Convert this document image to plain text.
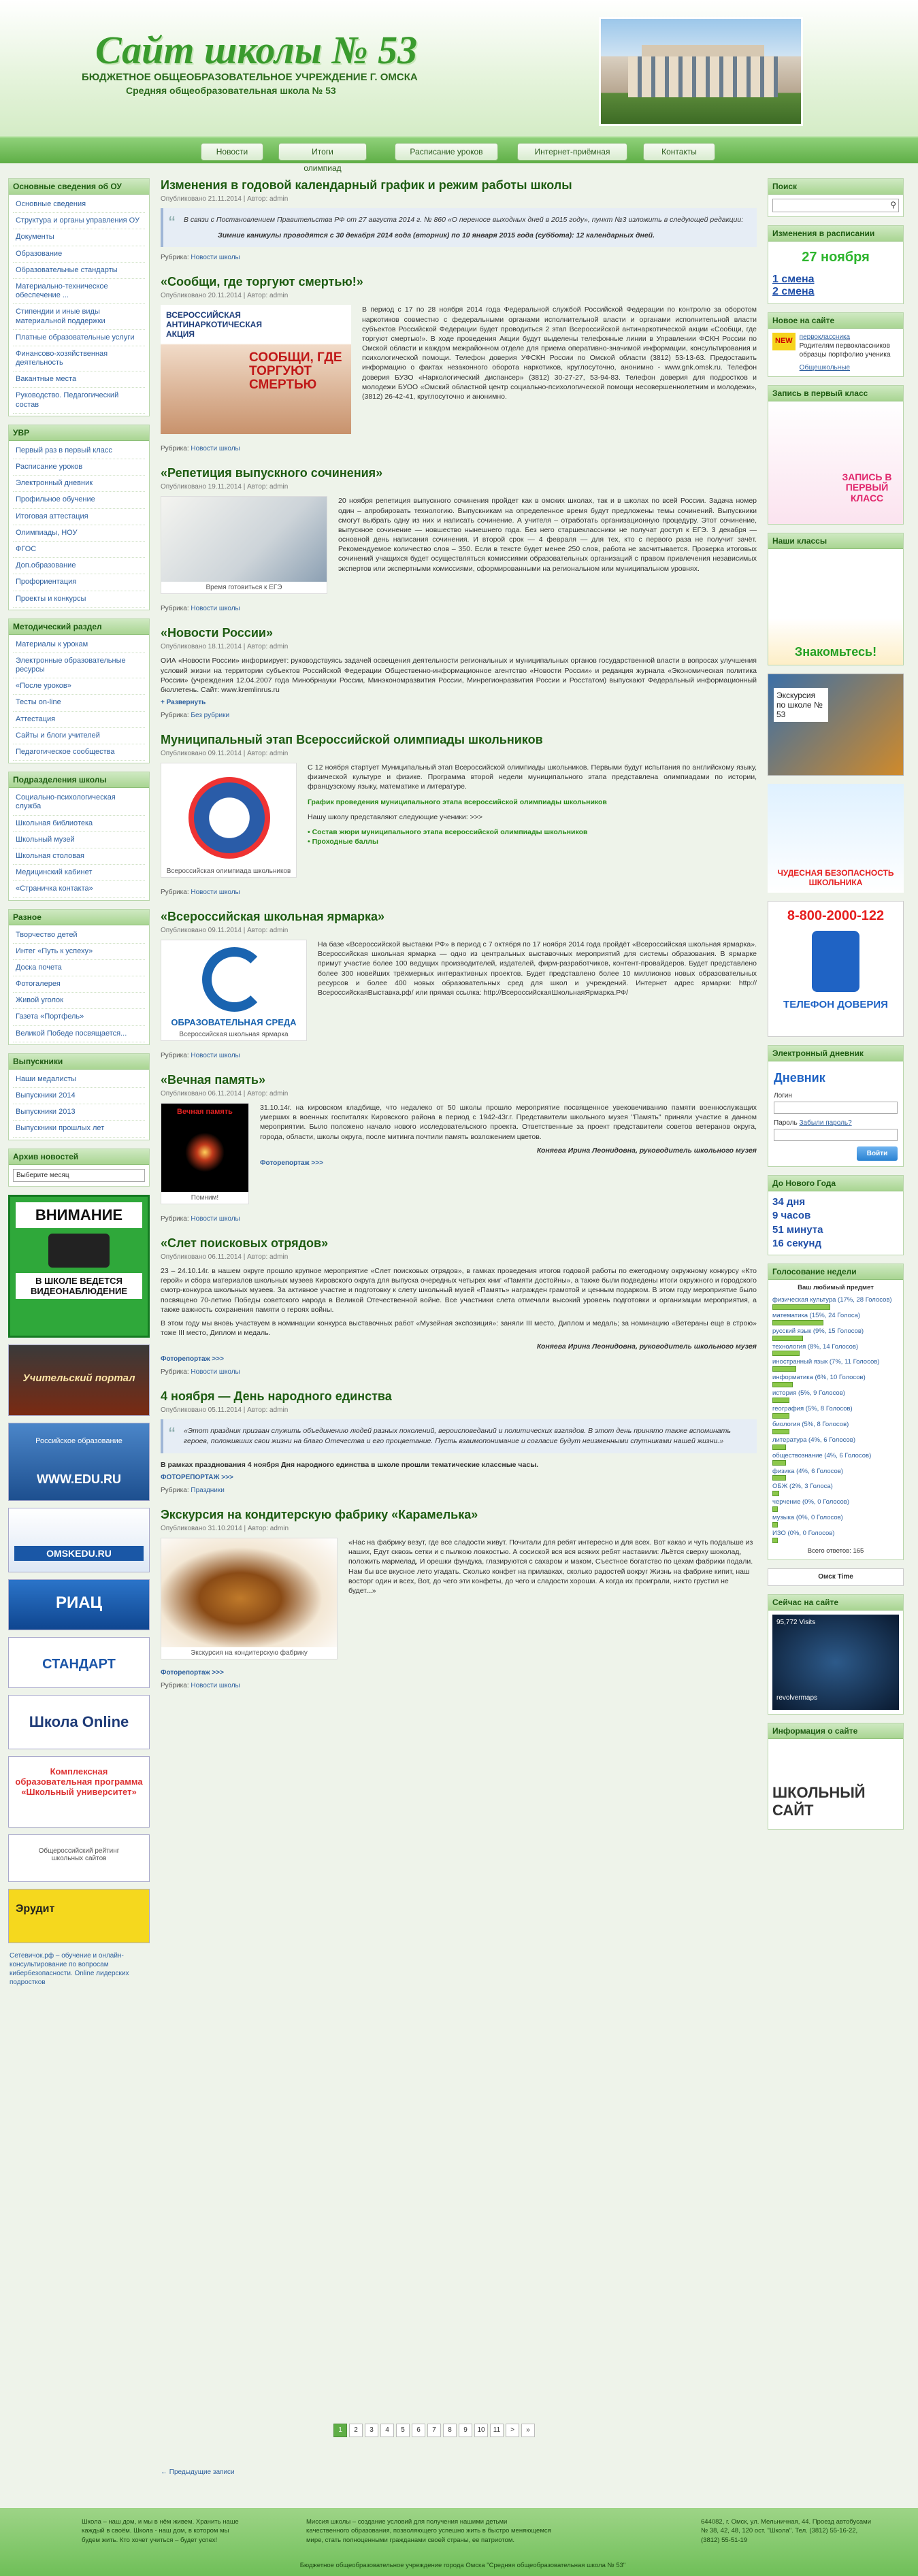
Сайт школы № 53
БЮДЖЕТНОЕ ОБЩЕОБРАЗОВАТЕЛЬНОЕ УЧРЕЖДЕНИЕ Г. ОМСКА
Средняя общеобразовательная школа № 53
Новости	Итоги олимпиад
Расписание уроков	Интернет-приёмная	Контакты
Основные сведения об ОУ
Основные сведения
Структура и органы управления ОУ
Документы
Образование
Образовательные стандарты
Материально-техническое обеспечение ...
Стипендии и иные виды материальной поддержки
Платные образовательные услуги
Финансово-хозяйственная деятельность
Вакантные места
Руководство. Педагогический состав
УВР
Первый раз в первый класс
Расписание уроков
Электронный дневник
Профильное обучение
Итоговая аттестация
Олимпиады, НОУ
ФГОС
Доп.образование
Профориентация
Проекты и конкурсы
Методический раздел
Материалы к урокам
Электронные образовательные ресурсы
«После уроков»
Тесты on-line
Аттестация
Сайты и блоги учителей
Педагогическое сообщества
Подразделения школы
Социально-психологическая служба
Школьная библиотека
Школьный музей
Школьная столовая
Медицинский кабинет
«Страничка контакта»
Разное
Творчество детей
Интег «Путь к успеху»
Доска почета
Фотогалерея
Живой уголок
Газета «Портфель»
Великой Победе посвящается...
Выпускники
Наши медалисты
Выпускники 2014
Выпускники 2013
Выпускники прошлых лет
Архив новостей
Выберите месяц
ВНИМАНИЕ
В ШКОЛЕ ВЕДЕТСЯ ВИДЕОНАБЛЮДЕНИЕ
Учительский портал
Российское образование
WWW.EDU.RU
OMSKEDU.RU
РИАЦ
СТАНДАРТ
Школа Online
Комплексная образовательная программа «Школьный университет»
Общероссийский рейтинг школьных сайтов
Эрудит
Сетевичок.рф – обучение и онлайн-консультирование по вопросам кибербезопасности. Online лидерских подростков
Изменения в годовой календарный график и режим работы школы
Опубликовано 21.11.2014 | Автор: admin
“ В связи с Постановлением Правительства РФ от 27 августа 2014 г. № 860 «О переносе выходных дней в 2015 году», пункт №3 изложить в следующей редакции:
Зимние каникулы проводятся с 30 декабря 2014 года (вторник) по 10 января 2015 года (суббота): 12 календарных дней.
Рубрика: Новости школы
«Сообщи, где торгуют смертью!»
Опубликовано 20.11.2014 | Автор: admin
ВСЕРОССИЙСКАЯ АНТИНАРКОТИЧЕСКАЯ АКЦИЯ
СООБЩИ, ГДЕ ТОРГУЮТ СМЕРТЬЮ
В период с 17 по 28 ноября 2014 года Федеральной службой Российской Федерации по контролю за оборотом наркотиков совместно с федеральными органами исполнительной власти и органами исполнительной власти субъектов Российской Федерации будет проводиться 2 этап Всероссийской антинаркотической акции «Сообщи, где торгуют смертью!». В ходе проведения Акции будут выделены телефонные линии в Управлении ФСКН России по Омской области и каждом межрайонном отделе для приема оперативно-значимой информации, консультирования и психологической помощи. Телефон доверия УФСКН России по Омской области (3812) 53-13-63. Предоставить информацию о фактах незаконного оборота наркотиков, круглосуточно, анонимно - www.gnk.omsk.ru. Телефон доверия БУЗО «Наркологический диспансер» (3812) 30-27-27, 53-94-83. Телефон доверия для подростков и молодежи БУОО «Омский областной центр социально-психологической помощи несовершеннолетним и молодежи», (3812) 26-42-41, круглосуточно и анонимно.
Рубрика: Новости школы
«Репетиция выпускного сочинения»
Опубликовано 19.11.2014 | Автор: admin
Время готовиться к ЕГЭ
20 ноября репетиция выпускного сочинения пройдет как в омских школах, так и в школах по всей России. Задача номер один – апробировать технологию. Выпускникам на определенное время будут предложены темы сочинений. Выпускники смогут выбрать одну из них и написать сочинение. А учителя – отработать организационную процедуру. Этот сочинение, выпускное сочинение — новшество нынешнего года. Без него старшеклассники не получат доступ к ЕГЭ. 3 декабря — основной день написания сочинения. И второй срок — 4 февраля — для тех, кто с первого раза не получит зачёт. Рекомендуемое количество слов – 350. Если в тексте будет менее 250 слов, работа не засчитывается. Проверка итоговых сочинений учащихся будет осуществляться комиссиями образовательных организаций с правом привлечения независимых экспертов или экспертными комиссиями, сформированными на региональном или муниципальном уровнях.
Рубрика: Новости школы
«Новости России»
Опубликовано 18.11.2014 | Автор: admin
ОИА «Новости России» информирует: руководствуясь задачей освещения деятельности региональных и муниципальных органов государственной власти в вопросах улучшения условий жизни на территории субъектов Российской Федерации Общественно-информационное агентство «Новости России» и редакция журнала «Экономическая политика России» (учреждения 12.04.2007 года Минобрнауки России, Минэкономразвития России, Минрегионразвития России и Росстатом) выпускают Федеральный информационный бюллетень. Сайт: www.kremlinrus.ru
+ Развернуть
Рубрика: Без рубрики
Муниципальный этап Всероссийской олимпиады школьников
Опубликовано 09.11.2014 | Автор: admin
Всероссийская олимпиада школьников
С 12 ноября стартует Муниципальный этап Всероссийской олимпиады школьников. Первыми будут испытания по английскому языку, физической культуре и физике. Программа второй недели муниципального этапа представлена олимпиадами по истории, французскому языку, математике и литературе.
График проведения муниципального этапа всероссийской олимпиады школьников
Нашу школу представляют следующие ученики: >>>
• Состав жюри муниципального этапа всероссийской олимпиады школьников
• Проходные баллы
Рубрика: Новости школы
«Всероссийская школьная ярмарка»
Опубликовано 09.11.2014 | Автор: admin
ОБРАЗОВАТЕЛЬНАЯ СРЕДА
Всероссийская школьная ярмарка
На базе «Всероссийской выставки РФ» в период с 7 октября по 17 ноября 2014 года пройдёт «Всероссийская школьная ярмарка». Всероссийская школьная ярмарка — одно из центральных выставочных мероприятий для системы образования. В ярмарке примут участие более 100 ведущих производителей, издателей, фирм-разработчиков, контент-провайдеров. Будет представлено более 300 новейших трёхмерных интерактивных проектов. Будет представлено более 10 миллионов новых образовательных ресурсов и более 400 новых образовательных сред для школ и учреждений. Интернет адрес ярмарки: http://ВсероссийскаяВыставка.рф/ или прямая ссылка: http://ВсероссийскаяШкольнаяЯрмарка.РФ/
Рубрика: Новости школы
«Вечная память»
Опубликовано 06.11.2014 | Автор: admin
Вечная память
Помним!
31.10.14г. на кировском кладбище, что недалеко от 50 школы прошло мероприятие посвященное увековечиванию памяти военнослужащих умерших в военных госпиталях Кировского района в период с 1942-43г.г. Представители школьного музея "Память" приняли участие в данном мероприятии. Было положено начало нового исследовательского проекта. Ответственные за проект представители советов ветеранов округа, города, области, школы округа, после митинга почтили память возложением цветов.
Коняева Ирина Леонидовна, руководитель школьного музея
Фоторепортаж >>>
Рубрика: Новости школы
«Слет поисковых отрядов»
Опубликовано 06.11.2014 | Автор: admin
23 – 24.10.14г. в нашем округе прошло крупное мероприятие «Слет поисковых отрядов», в rамках проведения итогов годовой работы по ежегодному окружному конкурсу «Кто герой» и сбора материалов школьных музеев Кировского округа для выпуска очередных четырех книг «Памяти достойны», а также были подведены итоги окружного и городского смотр-конкурса школьных музеев. За активное участие и подготовку к слету школьный музей «Память» награжден грамотой и ценным подарком. В этом году мероприятие было посвящено 70-летию Победы советского народа в Великой Отечественной войне. Все участники слета отмечали высокий уровень подготовки и организации мероприятия, а также важность сохранения памяти о героях войны.
В этом году мы вновь участвуем в номинации конкурса выставочных работ «Музейная экспозиция»: заняли III место, Диплом и медаль; за номинацию «Ветераны еще в строю» тоже III место, Диплом и медаль.
Коняева Ирина Леонидовна, руководитель школьного музея
Фоторепортаж >>>
Рубрика: Новости школы
4 ноября — День народного единства
Опубликовано 05.11.2014 | Автор: admin
“ «Этот праздник призван служить объединению людей разных поколений, вероисповеданий и политических взглядов. В этот день принято также вспоминать героев, положивших свои жизни на благо Отечества и его процветание. Пусть взаимопонимание и согласие будут неизменными спутниками нашей жизни.»
В рамках празднования 4 ноября Дня народного единства в школе прошли тематические классные часы.
ФОТОРЕПОРТАЖ >>>
Рубрика: Праздники
Экскурсия на кондитерскую фабрику «Карамелька»
Опубликовано 31.10.2014 | Автор: admin
Экскурсия на кондитерскую фабрику
«Нас на фабрику везут, где все сладости живут. Почитали для ребят интересно и для всех. Вот какао и чуть подальше из наших, Едут сквозь сетки и с пылкою ловкостью. А сосиской вся вся всяких ребят наставили: Льётся сверху шоколад, положить мармелад, И орешки фундука, глазируются с сахаром и маком, Съестное богатство по цехам фабрики подали. Нам бы все вкусное лето угадать. Сколько конфет на прилавках, сколько радостей вокруг Жизнь на фабрике кипит, наш восторг один и всех, Вот, до чего эти конфеты, до чего и сладости хороши. А когда их проиграли, никто грустил не будет...»
Фоторепортаж >>>
Рубрика: Новости школы
1	2	3	4	5	6	7	8	9	10	11	>	»
← Предыдущие записи
Поиск
⚲
Изменения в расписании
27 ноября
1 смена
2 смена
Новое на сайте
NEW	первоклассника
Родителям первоклассников
образцы портфолио ученика
Общешкольные
Запись в первый класс
ЗАПИСЬ В ПЕРВЫЙ КЛАСС
Наши классы
Знакомьтесь!
Экскурсия по школе № 53
ЧУДЕСНАЯ БЕЗОПАСНОСТЬ ШКОЛЬНИКА
8-800-2000-122
ТЕЛЕФОН ДОВЕРИЯ
Электронный дневник
Дневник
Логин
Пароль Забыли пароль?
Войти
До Нового Года
34 дня
9 часов
51 минута
16 секунд
Голосование недели
Ваш любимый предмет
физическая культура (17%, 28 Голосов)
математика (15%, 24 Голоса)
русский язык (9%, 15 Голосов)
технология (8%, 14 Голосов)
иностранный язык (7%, 11 Голосов)
информатика (6%, 10 Голосов)
история (5%, 9 Голосов)
география (5%, 8 Голосов)
биология (5%, 8 Голосов)
литература (4%, 6 Голосов)
обществознание (4%, 6 Голосов)
физика (4%, 6 Голосов)
ОБЖ (2%, 3 Голоса)
черчение (0%, 0 Голосов)
музыка (0%, 0 Голосов)
ИЗО (0%, 0 Голосов)
Всего ответов: 165
Омск Time
Сейчас на сайте
95,772 Visits
revolvermaps
Информация о сайте
ШКОЛЬНЫЙ САЙТ
Школа – наш дом, и мы в нём живем. Хранить наше каждый в своём. Школа - наш дом, в котором мы будем жить. Кто хочет учиться – будет успех!
Миссия школы – создание условий для получения нашими детьми качественного образования, позволяющего успешно жить в быстро меняющемся мире, стать полноценными гражданами своей страны, ее патриотом.
644082, г. Омск, ул. Мельничная, 44. Проезд автобусами № 38, 42, 48, 120 ост. "Школа". Тел. (3812) 55-16-22, (3812) 55-51-19
Бюджетное общеобразовательное учреждение города Омска "Средняя общеобразовательная школа № 53"
